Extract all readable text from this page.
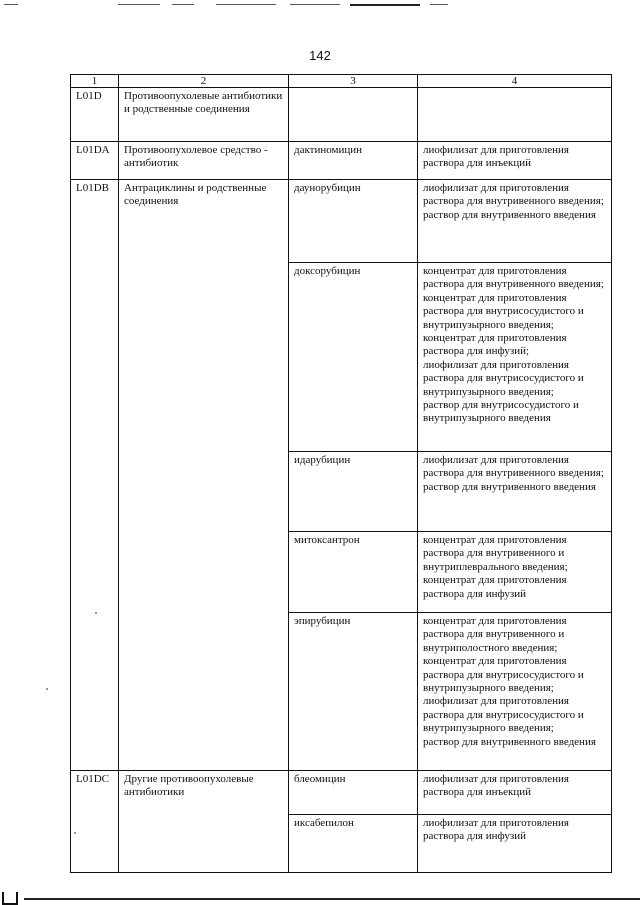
142
1	2	3	4
L01D	Противоопухолевые антибиотики и родственные соединения		
L01DA	Противоопухолевое средство - антибиотик	дактиномицин	лиофилизат для приготовления раствора для инъекций
L01DB	Антрациклины и родственные соединения	даунорубицин	лиофилизат для приготовления раствора для внутривенного введения;
раствор для внутривенного введения
		доксорубицин	концентрат для приготовления раствора для внутривенного введения;
концентрат для приготовления раствора для внутрисосудистого и внутрипузырного введения;
концентрат для приготовления раствора для инфузий;
лиофилизат для приготовления раствора для внутрисосудистого и внутрипузырного введения;
раствор для внутрисосудистого и внутрипузырного введения
		идарубицин	лиофилизат для приготовления раствора для внутривенного введения;
раствор для внутривенного введения
		митоксантрон	концентрат для приготовления раствора для внутривенного и внутриплеврального введения;
концентрат для приготовления раствора для инфузий
		эпирубицин	концентрат для приготовления раствора для внутривенного и внутриполостного введения;
концентрат для приготовления раствора для внутрисосудистого и внутрипузырного введения;
лиофилизат для приготовления раствора для внутрисосудистого и внутрипузырного введения;
раствор для внутривенного введения
L01DC	Другие противоопухолевые антибиотики	блеомицин	лиофилизат для приготовления раствора для инъекций
		иксабепилон	лиофилизат для приготовления раствора для инфузий
